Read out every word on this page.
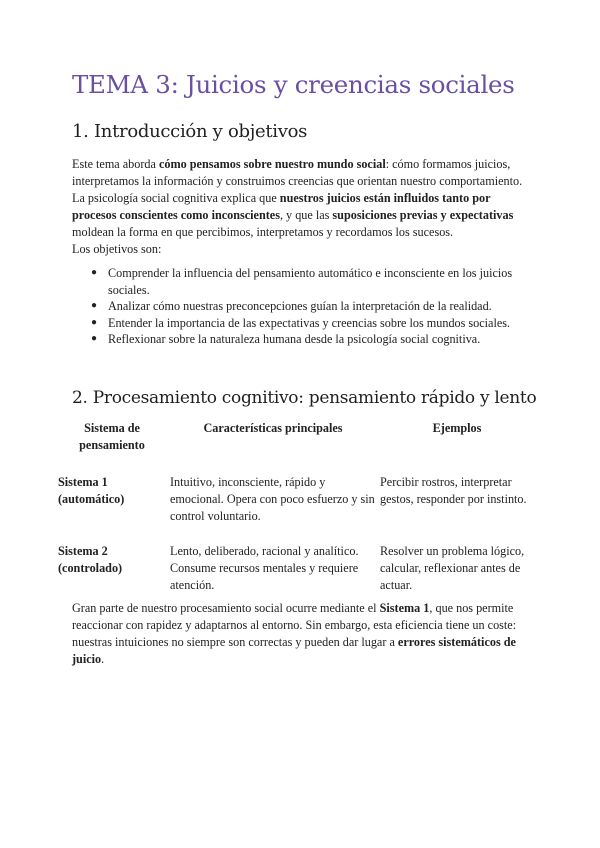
TEMA 3: Juicios y creencias sociales
1. Introducción y objetivos

Este tema aborda cómo pensamos sobre nuestro mundo social: cómo formamos juicios, interpretamos la información y construimos creencias que orientan nuestro comportamiento.

La psicología social cognitiva explica que nuestros juicios están influidos tanto por procesos conscientes como inconscientes, y que las suposiciones previas y expectativas moldean la forma en que percibimos, interpretamos y recordamos los sucesos.

Los objetivos son:

● Comprender la influencia del pensamiento automático e inconsciente en los juicios sociales.
● Analizar cómo nuestras preconcepciones guían la interpretación de la realidad.
● Entender la importancia de las expectativas y creencias sobre los mundos sociales.
● Reflexionar sobre la naturaleza humana desde la psicología social cognitiva.
2. Procesamiento cognitivo: pensamiento rápido y lento
Sistema de pensamiento	Características principales	Ejemplos
Sistema 1 (automático)	Intuitivo, inconsciente, rápido y emocional. Opera con poco esfuerzo y sin control voluntario.	Percibir rostros, interpretar gestos, responder por instinto.
Sistema 2 (controlado)	Lento, deliberado, racional y analítico. Consume recursos mentales y requiere atención.	Resolver un problema lógico, calcular, reflexionar antes de actuar.

Gran parte de nuestro procesamiento social ocurre mediante el Sistema 1, que nos permite reaccionar con rapidez y adaptarnos al entorno. Sin embargo, esta eficiencia tiene un coste: nuestras intuiciones no siempre son correctas y pueden dar lugar a errores sistemáticos de juicio.
